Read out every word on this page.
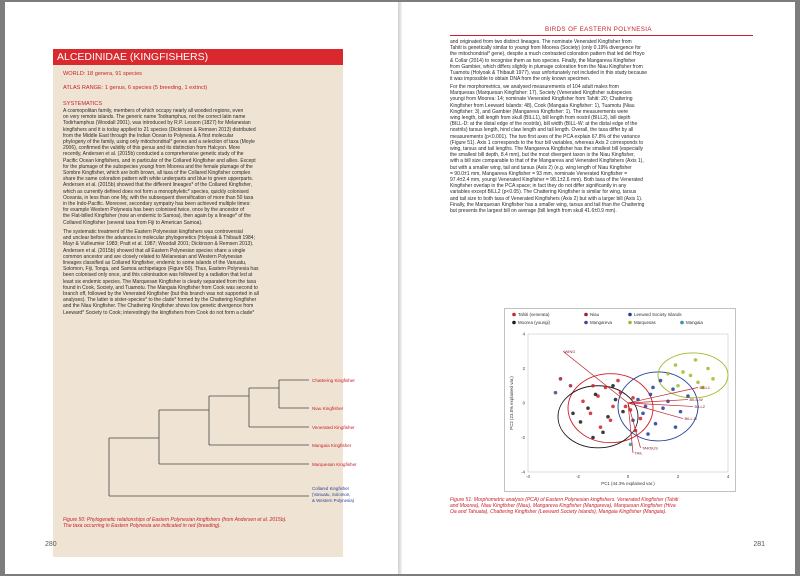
ALCEDINIDAE (KINGFISHERS)
WORLD: 18 genera, 91 species
ATLAS RANGE: 1 genus, 6 species (5 breeding, 1 extinct)
SYSTEMATICS
A cosmopolitan family, members of which occupy nearly all wooded regions, even
on very remote islands. The generic name Todiramphus, not the correct latin name
Todirhamphus (Woodall 2001), was introduced by R.P. Lesson (1827) for Melanesian
kingfishers and it is today applied to 21 species (Dickinson & Remsen 2013) distributed
from the Middle East through the Indian Ocean to Polynesia. A first molecular
phylogeny of the family, using only mitochondrial* genes and a selection of taxa (Moyle
2006), confirmed the validity of this genus and its distinction from Halcyon. More
recently, Andersen et al. (2015b) conducted a comprehensive genetic study of the
Pacific Ocean kingfishers, and in particular of the Collared Kingfisher and allies. Except
for the plumage of the subspecies youngi from Moorea and the female plumage of the
Sombre Kingfisher, which are both brown, all taxa of the Collared Kingfisher complex
share the same coloration pattern with white underparts and blue to green upperparts.
Andersen et al. (2015b) showed that the different lineages* of the Collared Kingfisher,
which as currently defined does not form a monophyletic* species, quickly colonised
Oceania, in less than one My, with the subsequent diversification of more than 50 taxa
in the Indo-Pacific. Moreover, secondary sympatry has been achieved multiple times:
for example Western Polynesia has been colonised twice, once by the ancestor of
the Flat-billed Kingfisher (now an endemic to Samoa), then again by a lineage* of the
Collared Kingfisher (several taxa from Fiji to American Samoa).
The systematic treatment of the Eastern Polynesian kingfishers was controversial
and unclear before the advances in molecular phylogenetics (Holyoak & Thibault 1984;
Mayr & Vuilleumier 1983; Pratt et al. 1987; Woodall 2001; Dickinson & Remsen 2013).
Andersen et al. (2015b) showed that all Eastern Polynesian species share a single
common ancestor and are closely related to Melanesian and Western Polynesian
lineages classified as Collared Kingfisher, endemic to some islands of the Vanuatu,
Solomon, Fiji, Tonga, and Samoa archipelagos (Figure 50). Thus, Eastern Polynesia has
been colonised only once, and this colonisation was followed by a radiation that led at
least six endemic species. The Marquesan Kingfisher is clearly separated from the taxa
found in Cook, Society, and Tuamotu. The Mangaia Kingfisher from Cook was second to
branch off, followed by the Venerated Kingfisher (but this branch was not supported in all
analyses). The latter is sister-species* to the clade* formed by the Chattering Kingfisher
and the Niau Kingfisher. The Chattering Kingfisher shows low genetic divergence from
Leeward* Society to Cook; interestingly the kingfishers from Cook do not form a clade*
Chattering Kingfisher
Niau Kingfisher
Venerated Kingfisher
Mangaia Kingfisher
Marquesan Kingfisher
Collared Kingfisher
(Vanuatu, Solomon,
& Western Polynesia)
Figure 50: Phylogenetic relationships of Eastern Polynesian kingfishers (from Andersen et al. 2015b).
The taxa occurring in Eastern Polynesia are indicated in red (breeding).
280
BIRDS OF EASTERN POLYNESIA
and originated from two distinct lineages. The nominate Venerated Kingfisher from
Tahiti is genetically similar to youngi from Moorea (Society) (only 0.19% divergence for
the mitochondrial* gene), despite a much contrasted coloration pattern that led del Hoyo
& Collar (2014) to recognise them as two species. Finally, the Mangareva Kingfisher
from Gambier, which differs slightly in plumage coloration from the Niau Kingfisher from
Tuamotu (Holyoak & Thibault 1977), was unfortunately not included in this study because
it was impossible to obtain DNA from the only known specimen.
For the morphometrics, we analysed measurements of 104 adult males from
Marquesas (Marquesan Kingfisher: 17), Society (Venerated Kingfisher subspecies
youngi from Moorea: 14; nominate Venerated Kingfisher from Tahiti: 20; Chattering
Kingfisher from Leeward Islands: 48), Cook (Mangaia Kingfisher: 1), Tuamotu (Niau
Kingfisher: 3), and Gambier (Mangareva Kingfisher: 1). The measurements were
wing length, bill length from skull (BILL1), bill length from nostril (BILL2), bill depth
(BILL-D: at the distal edge of the nostrils), bill width (BILL-W: at the distal edge of the
nostrils) tarsus length, hind claw length and tail length. Overall, the taxa differ by all
measurements (p<0.001). The two first axes of the PCA explain 67.8% of the variance
(Figure 51). Axis 1 corresponds to the four bill variables, whereas Axis 2 corresponds to
wing, tarsus and tail lengths. The Mangareva Kingfisher has the smallest bill (especially
the smallest bill depth, 8.4 mm), but the most divergent taxon is the Niau Kingfisher,
with a bill size comparable to that of the Mangareva and Venerated Kingfishers (Axis 1),
but with a smaller wing, tail and tarsus (Axis 2) (e.g. wing length of Niau Kingfisher
= 90.0±1 mm, Mangareva Kingfisher = 93 mm, nominate Venerated Kingfisher =
97.4±2.4 mm, youngi Venerated Kingfisher = 98.1±2.6 mm). Both taxa of the Venerated
Kingfisher overlap in the PCA space; in fact they do not differ significantly in any
variables except BILL2 (p<0.05). The Chattering Kingfisher is similar for wing, tarsus
and tail size to both taxa of Venerated Kingfishers (Axis 2) but with a larger bill (Axis 1).
Finally, the Marquesan Kingfisher has a smaller wing, tarsus and tail than the Chattering
but presents the largest bill on average (bill length from skull 41.6±0.9 mm).
Tahiti (venerata)	Niau	Leeward Society Islands
Moorea (youngi)	Mangareva	Marquesas	Mangaia
-4
-4
-2
-2
0
0
2
2
4
4
PC1 (44.3% explained var.)
PC2 (23.5% explained var.)	BILL2
BILL1
BILL-W
BILL-D
TARSUS
TAIL
WING
Figure 51: Morphometric analysis (PCA) of Eastern Polynesian kingfishers. Venerated Kingfisher (Tahiti
and Moorea), Niau Kingfisher (Niau), Mangareva Kingfisher (Mangareva), Marquesan Kingfisher (Hiva
Oa and Tahuata), Chattering Kingfisher (Leeward Society Islands), Mangaia Kingfisher (Mangaia).
281
